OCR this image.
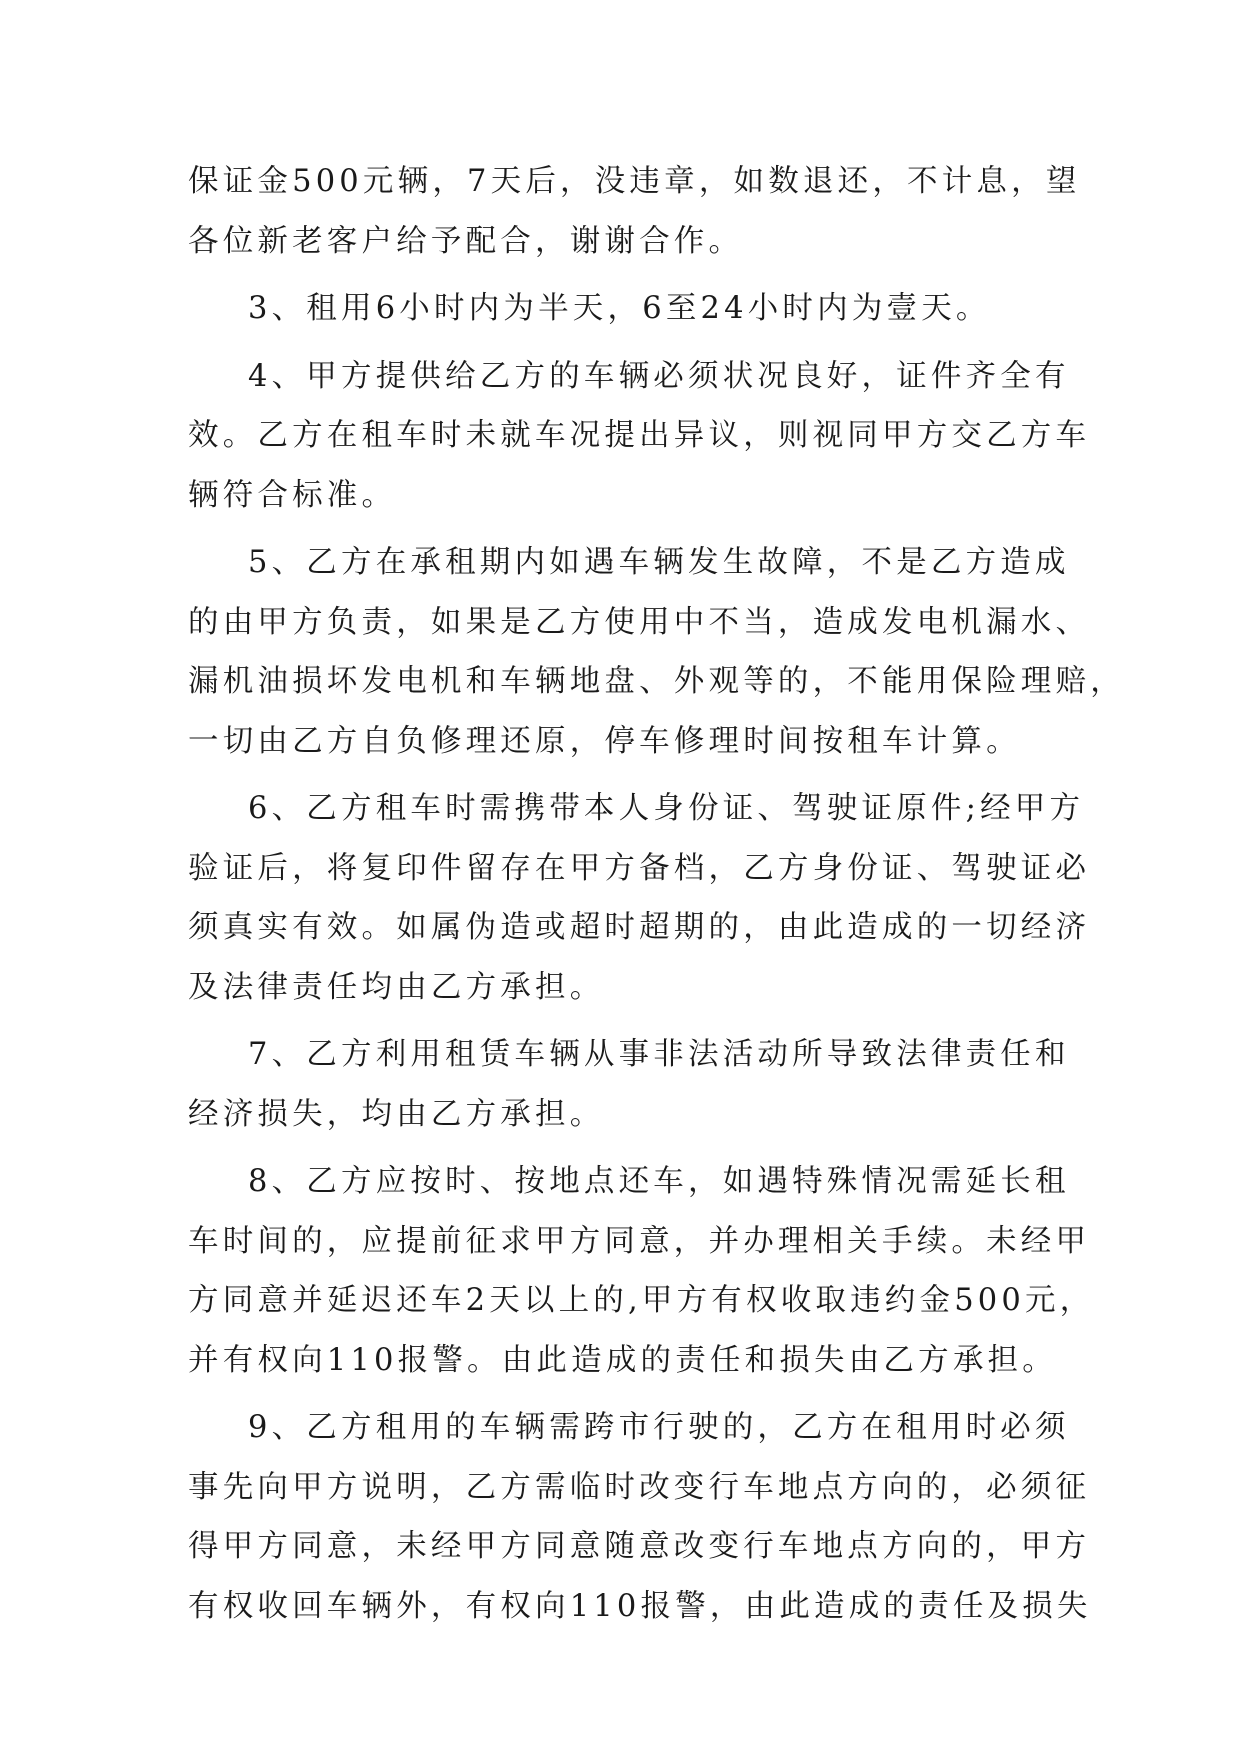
保证金500元辆，7天后，没违章，如数退还，不计息，望
各位新老客户给予配合，谢谢合作。
3、租用6小时内为半天，6至24小时内为壹天。
4、甲方提供给乙方的车辆必须状况良好，证件齐全有
效。乙方在租车时未就车况提出异议，则视同甲方交乙方车
辆符合标准。
5、乙方在承租期内如遇车辆发生故障，不是乙方造成
的由甲方负责，如果是乙方使用中不当，造成发电机漏水、
漏机油损坏发电机和车辆地盘、外观等的，不能用保险理赔，
一切由乙方自负修理还原，停车修理时间按租车计算。
6、乙方租车时需携带本人身份证、驾驶证原件;经甲方
验证后，将复印件留存在甲方备档，乙方身份证、驾驶证必
须真实有效。如属伪造或超时超期的，由此造成的一切经济
及法律责任均由乙方承担。
7、乙方利用租赁车辆从事非法活动所导致法律责任和
经济损失，均由乙方承担。
8、乙方应按时、按地点还车，如遇特殊情况需延长租
车时间的，应提前征求甲方同意，并办理相关手续。未经甲
方同意并延迟还车2天以上的,甲方有权收取违约金500元，
并有权向110报警。由此造成的责任和损失由乙方承担。
9、乙方租用的车辆需跨市行驶的，乙方在租用时必须
事先向甲方说明，乙方需临时改变行车地点方向的，必须征
得甲方同意，未经甲方同意随意改变行车地点方向的，甲方
有权收回车辆外，有权向110报警，由此造成的责任及损失
